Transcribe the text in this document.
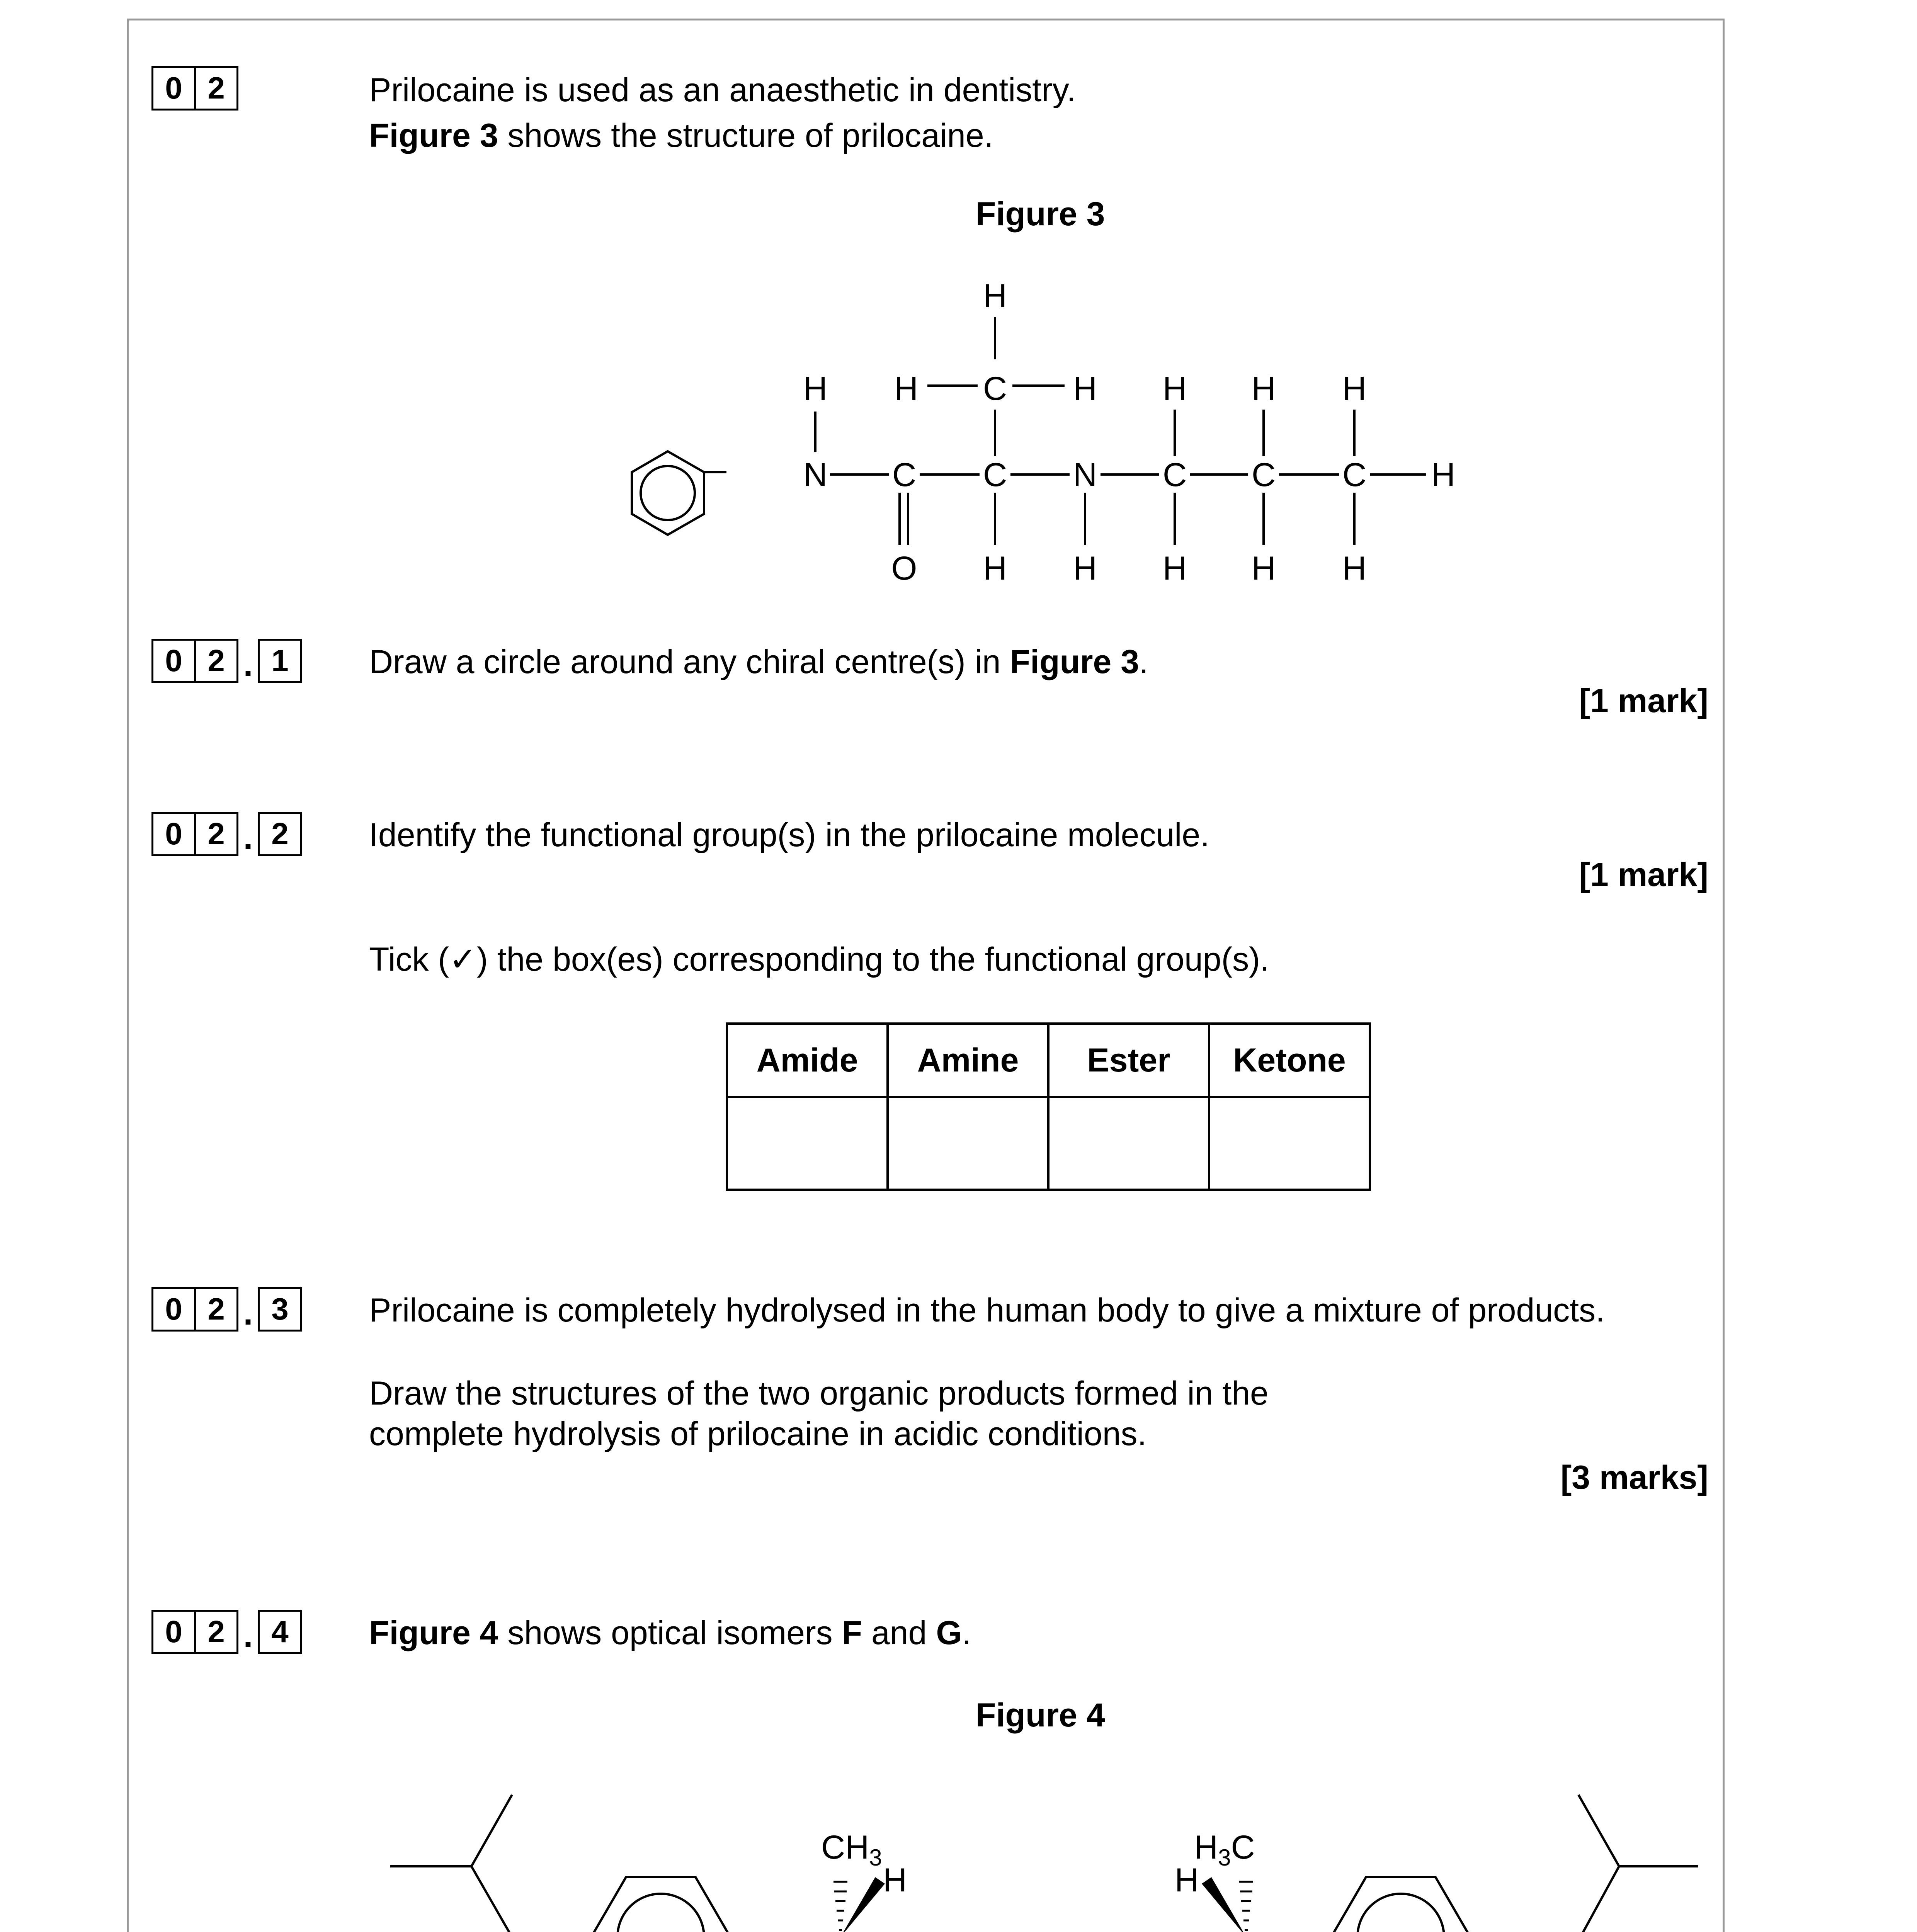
0 2	Prilocaine is used as an anaesthetic in dentistry.
Figure 3 shows the structure of prilocaine.
Figure 3
H
H H C H H H H
N C C N C C C H
O H H H H H
0 2 . 1	Draw a circle around any chiral centre(s) in Figure 3.
[1 mark]
0 2 . 2	Identify the functional group(s) in the prilocaine molecule.
[1 mark]
Tick (✓) the box(es) corresponding to the functional group(s).
Amide	Amine	Ester	Ketone

0 2 . 3	Prilocaine is completely hydrolysed in the human body to give a mixture of products.
Draw the structures of the two organic products formed in the
complete hydrolysis of prilocaine in acidic conditions.
[3 marks]
0 2 . 4	Figure 4 shows optical isomers F and G.
Figure 4
$CH_3$
H
$H_3C$
H
